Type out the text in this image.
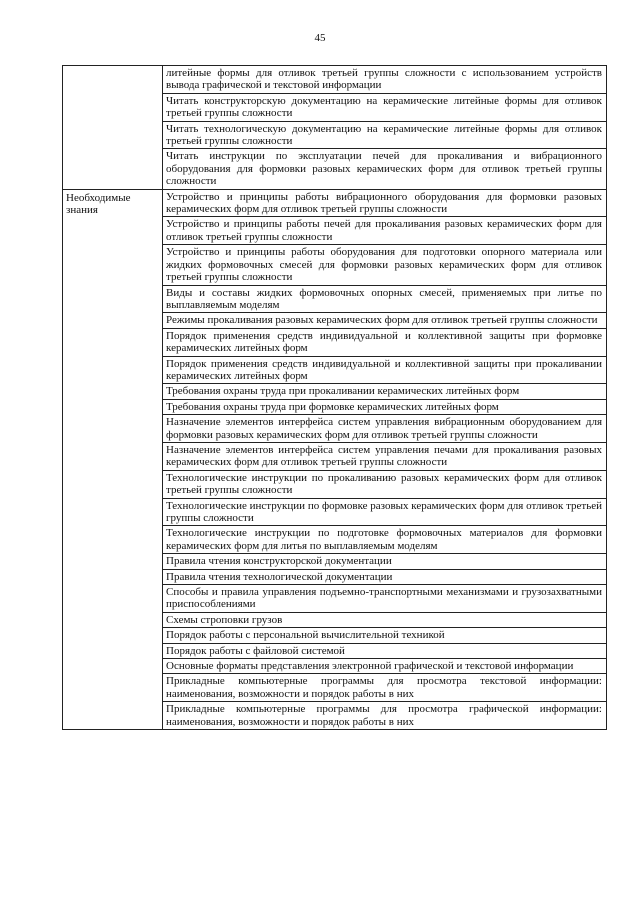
45
	литейные формы для отливок третьей группы сложности с использованием устройств вывода графической и текстовой информации
	Читать конструкторскую документацию на керамические литейные формы для отливок третьей группы сложности
	Читать технологическую документацию на керамические литейные формы для отливок третьей группы сложности
	Читать инструкции по эксплуатации печей для прокаливания и вибрационного оборудования для формовки разовых керамических форм для отливок третьей группы сложности
Необходимые знания	Устройство и принципы работы вибрационного оборудования для формовки разовых керамических форм для отливок третьей группы сложности
	Устройство и принципы работы печей для прокаливания разовых керамических форм для отливок третьей группы сложности
	Устройство и принципы работы оборудования для подготовки опорного материала или жидких формовочных смесей для формовки разовых керамических форм для отливок третьей группы сложности
	Виды и составы жидких формовочных опорных смесей, применяемых при литье по выплавляемым моделям
	Режимы прокаливания разовых керамических форм для отливок третьей группы сложности
	Порядок применения средств индивидуальной и коллективной защиты при формовке керамических литейных форм
	Порядок применения средств индивидуальной и коллективной защиты при прокаливании керамических литейных форм
	Требования охраны труда при прокаливании керамических литейных форм
	Требования охраны труда при формовке керамических литейных форм
	Назначение элементов интерфейса систем управления вибрационным оборудованием для формовки разовых керамических форм для отливок третьей группы сложности
	Назначение элементов интерфейса систем управления печами для прокаливания разовых керамических форм для отливок третьей группы сложности
	Технологические инструкции по прокаливанию разовых керамических форм для отливок третьей группы сложности
	Технологические инструкции по формовке разовых керамических форм для отливок третьей группы сложности
	Технологические инструкции по подготовке формовочных материалов для формовки керамических форм для литья по выплавляемым моделям
	Правила чтения конструкторской документации
	Правила чтения технологической документации
	Способы и правила управления подъемно-транспортными механизмами и грузозахватными приспособлениями
	Схемы строповки грузов
	Порядок работы с персональной вычислительной техникой
	Порядок работы с файловой системой
	Основные форматы представления электронной графической и текстовой информации
	Прикладные компьютерные программы для просмотра текстовой информации: наименования, возможности и порядок работы в них
	Прикладные компьютерные программы для просмотра графической информации: наименования, возможности и порядок работы в них
